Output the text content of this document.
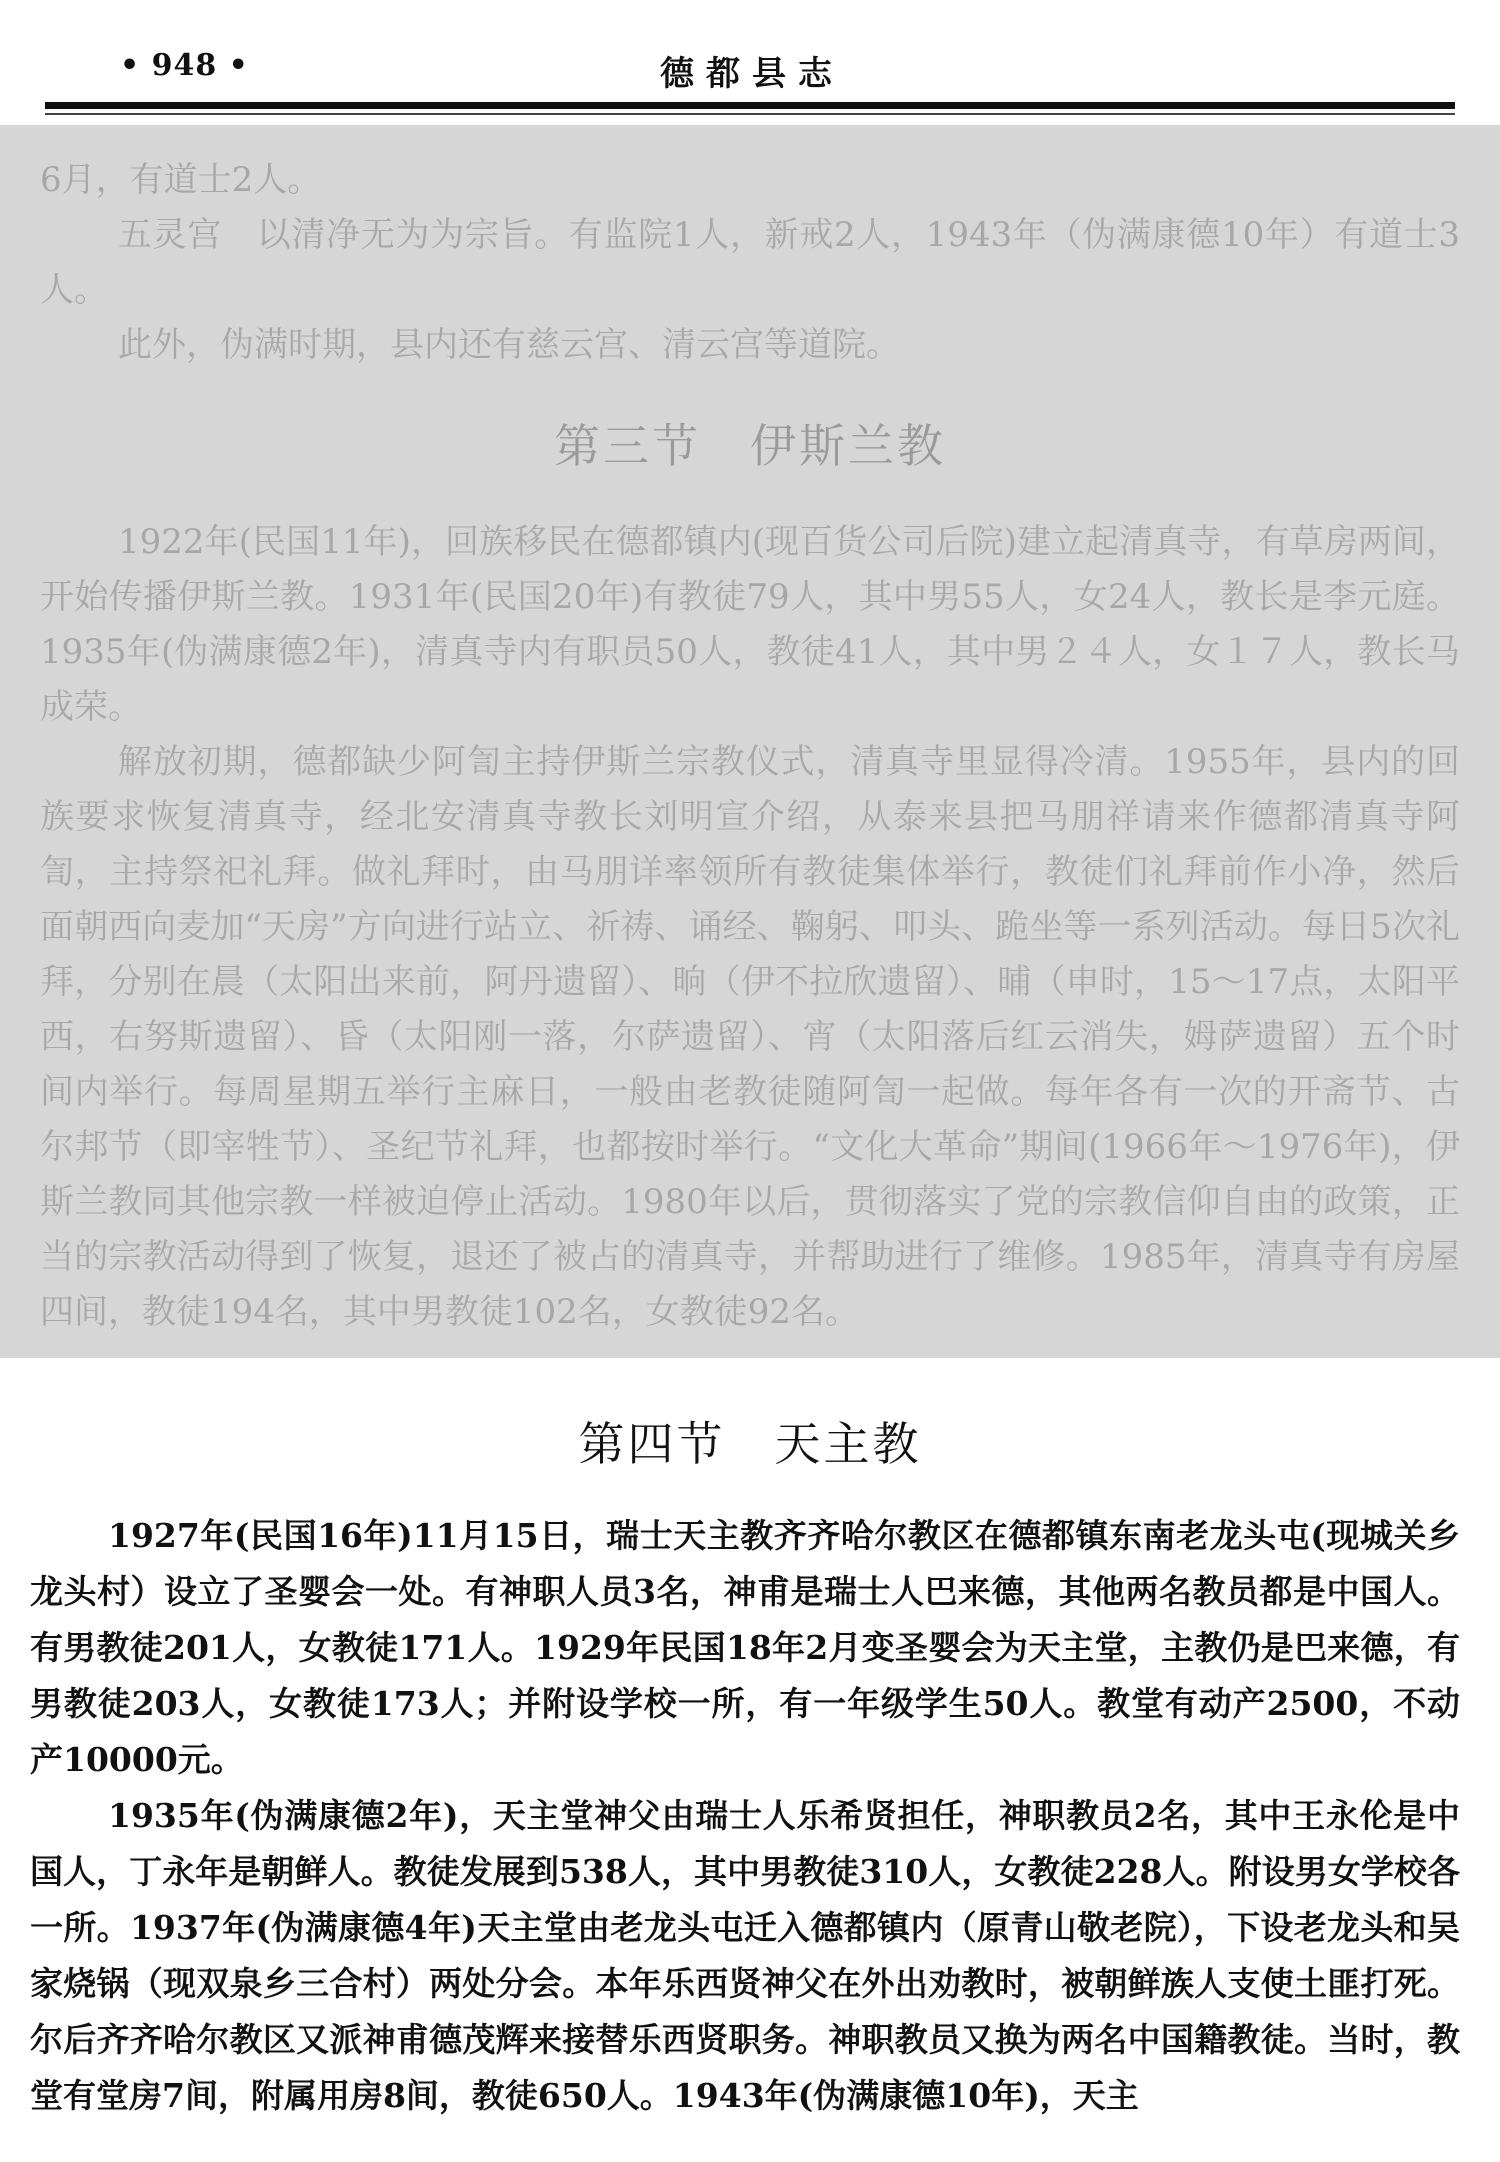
• 948 •	德都县志

6月，有道士2人。

五灵宫　以清净无为为宗旨。有监院1人，新戒2人，1943年（伪满康德10年）有道士3人。

此外，伪满时期，县内还有慈云宫、清云宫等道院。

第三节　伊斯兰教

1922年(民国11年)，回族移民在德都镇内(现百货公司后院)建立起清真寺，有草房两间，开始传播伊斯兰教。1931年(民国20年)有教徒79人，其中男55人，女24人，教长是李元庭。1935年(伪满康德2年)，清真寺内有职员50人，教徒41人，其中男２４人，女１７人，教长马成荣。

解放初期，德都缺少阿訇主持伊斯兰宗教仪式，清真寺里显得冷清。1955年，县内的回族要求恢复清真寺，经北安清真寺教长刘明宣介绍，从泰来县把马朋祥请来作德都清真寺阿訇，主持祭祀礼拜。做礼拜时，由马朋详率领所有教徒集体举行，教徒们礼拜前作小净，然后面朝西向麦加“天房”方向进行站立、祈祷、诵经、鞠躬、叩头、跪坐等一系列活动。每日5次礼拜，分别在晨（太阳出来前，阿丹遗留）、晌（伊不拉欣遗留）、晡（申时，15～17点，太阳平西，右努斯遗留）、昏（太阳刚一落，尔萨遗留）、宵（太阳落后红云消失，姆萨遗留）五个时间内举行。每周星期五举行主麻日，一般由老教徒随阿訇一起做。每年各有一次的开斋节、古尔邦节（即宰牲节）、圣纪节礼拜，也都按时举行。“文化大革命”期间(1966年～1976年)，伊斯兰教同其他宗教一样被迫停止活动。1980年以后，贯彻落实了党的宗教信仰自由的政策，正当的宗教活动得到了恢复，退还了被占的清真寺，并帮助进行了维修。1985年，清真寺有房屋四间，教徒194名，其中男教徒102名，女教徒92名。

第四节　天主教

1927年(民国16年)11月15日，瑞士天主教齐齐哈尔教区在德都镇东南老龙头屯(现城关乡龙头村）设立了圣婴会一处。有神职人员3名，神甫是瑞士人巴来德，其他两名教员都是中国人。有男教徒201人，女教徒171人。1929年民国18年2月变圣婴会为天主堂，主教仍是巴来德，有男教徒203人，女教徒173人；并附设学校一所，有一年级学生50人。教堂有动产2500，不动产10000元。

1935年(伪满康德2年)，天主堂神父由瑞士人乐希贤担任，神职教员2名，其中王永伦是中国人，丁永年是朝鲜人。教徒发展到538人，其中男教徒310人，女教徒228人。附设男女学校各一所。1937年(伪满康德4年)天主堂由老龙头屯迁入德都镇内（原青山敬老院），下设老龙头和吴家烧锅（现双泉乡三合村）两处分会。本年乐西贤神父在外出劝教时，被朝鲜族人支使土匪打死。尔后齐齐哈尔教区又派神甫德茂辉来接替乐西贤职务。神职教员又换为两名中国籍教徒。当时，教堂有堂房7间，附属用房8间，教徒650人。1943年(伪满康德10年)，天主
